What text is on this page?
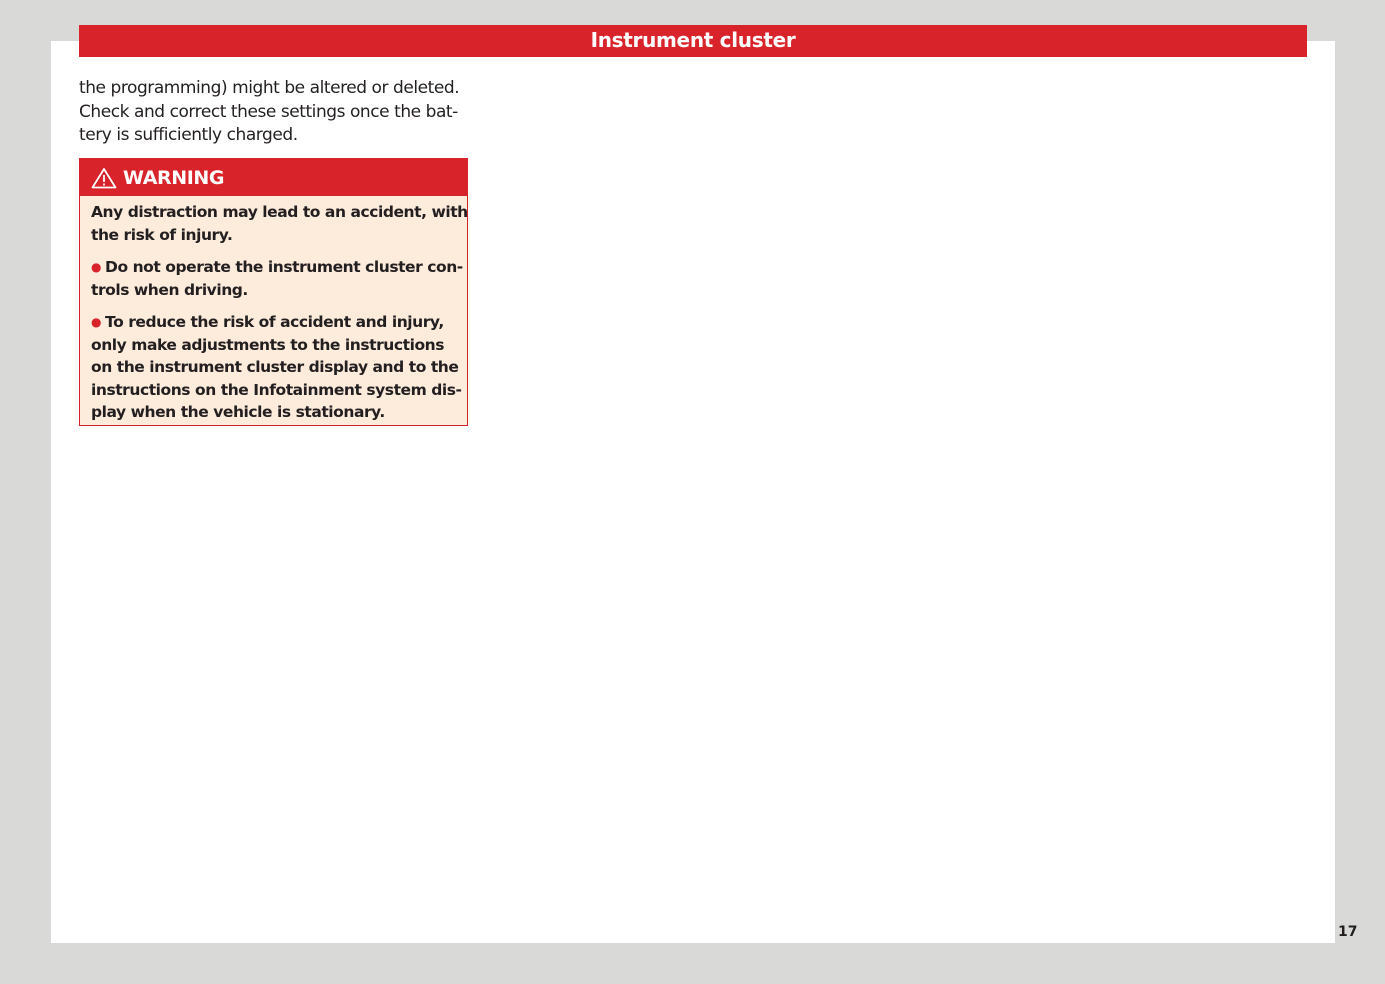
Instrument cluster
the programming) might be altered or deleted.
Check and correct these settings once the bat-
tery is sufficiently charged.
WARNING

Any distraction may lead to an accident, with
the risk of injury.

● Do not operate the instrument cluster con-
trols when driving.

● To reduce the risk of accident and injury,
only make adjustments to the instructions
on the instrument cluster display and to the
instructions on the Infotainment system dis-
play when the vehicle is stationary.

17
